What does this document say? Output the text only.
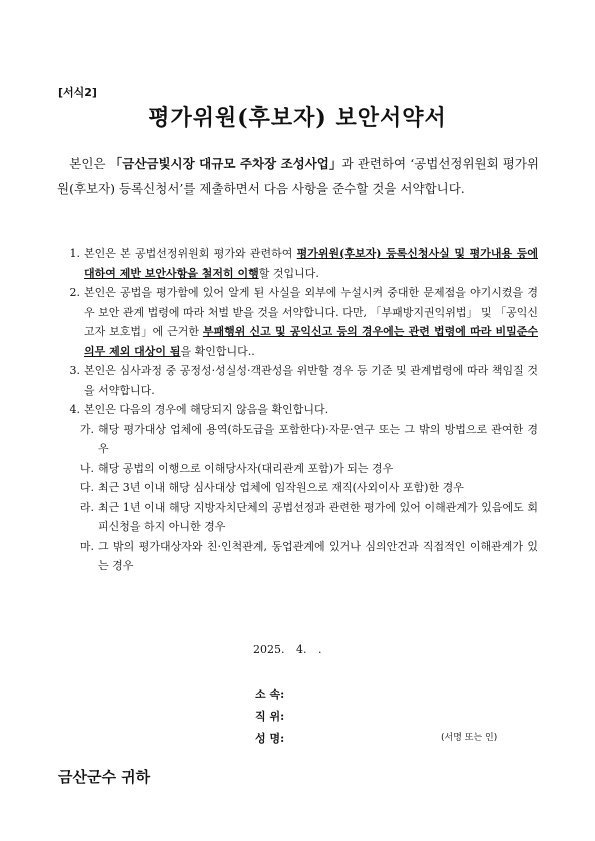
[서식2]
평가위원(후보자) 보안서약서
본인은 「금산금빛시장 대규모 주차장 조성사업」과 관련하여 ‘공법선정위원회 평가위원(후보자) 등록신청서’를 제출하면서 다음 사항을 준수할 것을 서약합니다.
1. 본인은 본 공법선정위원회 평가와 관련하여 평가위원(후보자) 등록신청사실 및 평가내용 등에 대하여 제반 보안사항을 철저히 이행할 것입니다.
2. 본인은 공법을 평가함에 있어 알게 된 사실을 외부에 누설시켜 중대한 문제점을 야기시켰을 경우 보안 관계 법령에 따라 처벌 받을 것을 서약합니다. 다만, 「부패방지권익위법」 및 「공익신고자 보호법」에 근거한 부패행위 신고 및 공익신고 등의 경우에는 관련 법령에 따라 비밀준수의무 제외 대상이 됨을 확인합니다..
3. 본인은 심사과정 중 공정성·성실성·객관성을 위반할 경우 등 기준 및 관계법령에 따라 책임질 것을 서약합니다.
4. 본인은 다음의 경우에 해당되지 않음을 확인합니다.
가. 해당 평가대상 업체에 용역(하도급을 포함한다)·자문·연구 또는 그 밖의 방법으로 관여한 경우
나. 해당 공법의 이행으로 이해당사자(대리관계 포함)가 되는 경우
다. 최근 3년 이내 해당 심사대상 업체에 임작원으로 재직(사외이사 포함)한 경우
라. 최근 1년 이내 해당 지방자치단체의 공법선정과 관련한 평가에 있어 이해관계가 있음에도 회피신청을 하지 아니한 경우
마. 그 밖의 평가대상자와 친·인척관계, 동업관계에 있거나 심의안건과 직접적인 이해관계가 있는 경우
2025. 4. .
소 속:
직 위:
성 명:	(서명 또는 인)
금산군수 귀하
